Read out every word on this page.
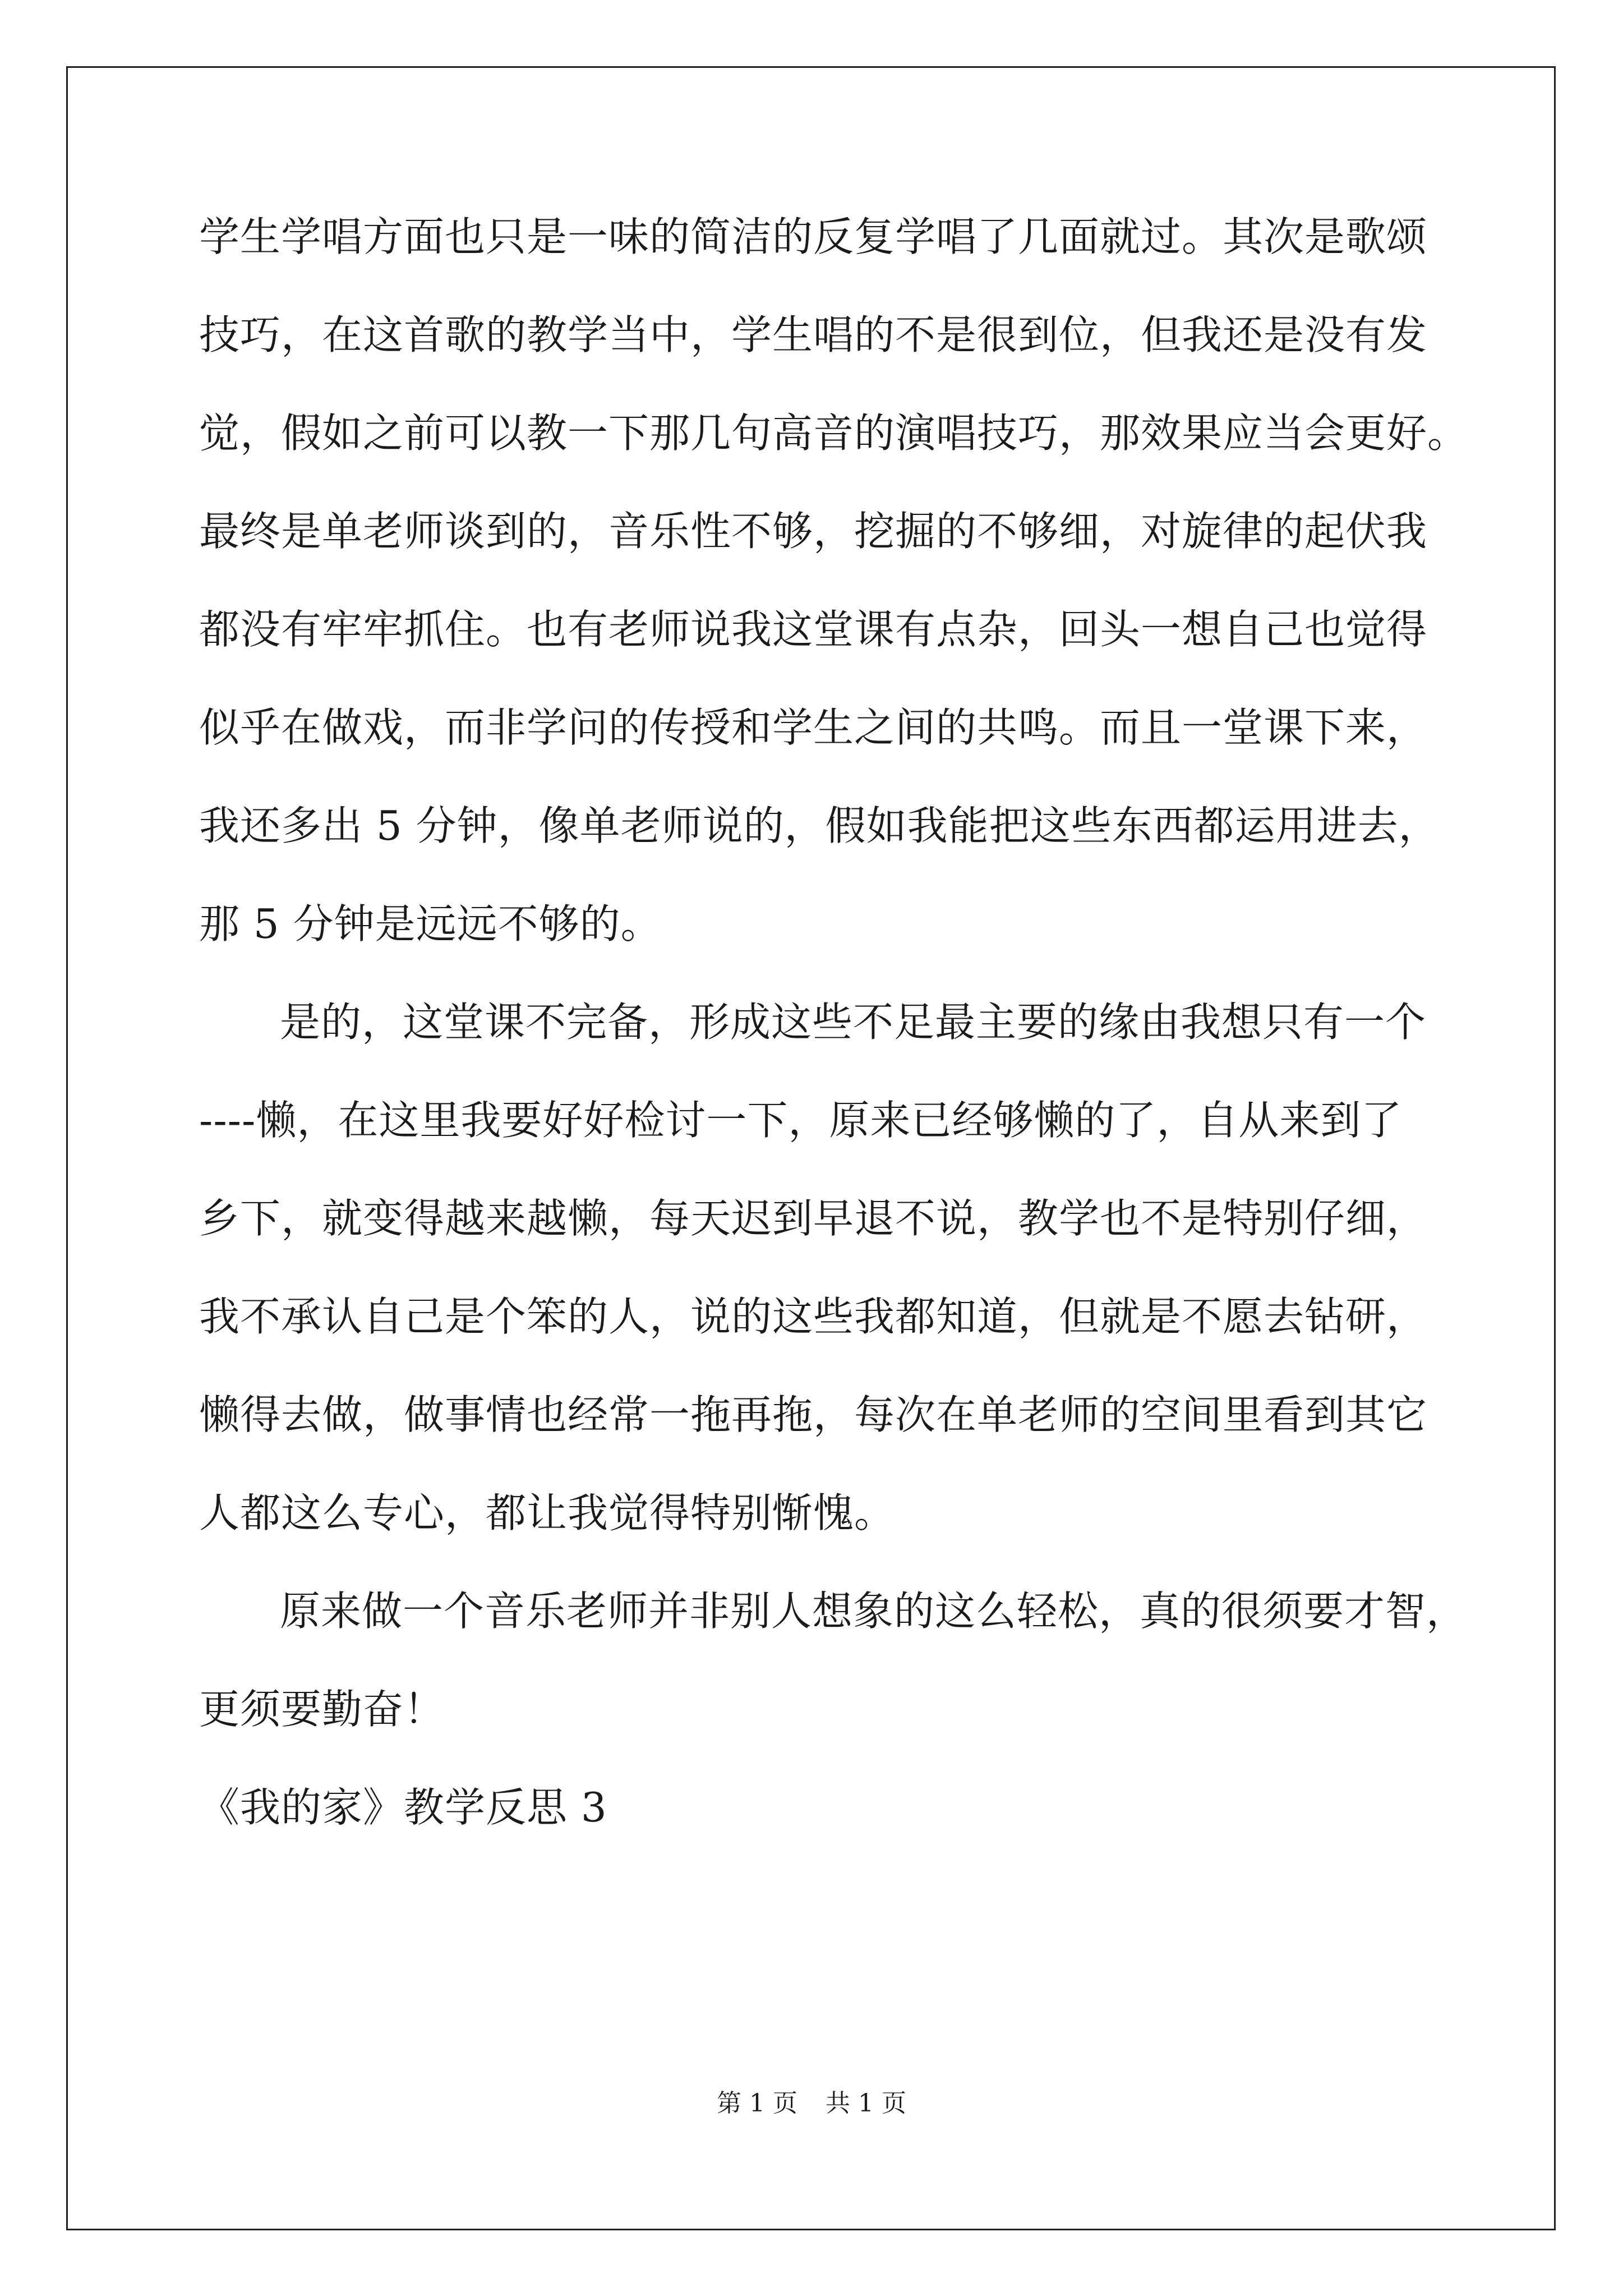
学生学唱方面也只是一味的简洁的反复学唱了几面就过。其次是歌颂
技巧，在这首歌的教学当中，学生唱的不是很到位，但我还是没有发
觉，假如之前可以教一下那几句高音的演唱技巧，那效果应当会更好。
最终是单老师谈到的，音乐性不够，挖掘的不够细，对旋律的起伏我
都没有牢牢抓住。也有老师说我这堂课有点杂，回头一想自己也觉得
似乎在做戏，而非学问的传授和学生之间的共鸣。而且一堂课下来，
我还多出 5 分钟，像单老师说的，假如我能把这些东西都运用进去，
那 5 分钟是远远不够的。
是的，这堂课不完备，形成这些不足最主要的缘由我想只有一个
----懒，在这里我要好好检讨一下，原来已经够懒的了，自从来到了
乡下，就变得越来越懒，每天迟到早退不说，教学也不是特别仔细，
我不承认自己是个笨的人，说的这些我都知道，但就是不愿去钻研，
懒得去做，做事情也经常一拖再拖，每次在单老师的空间里看到其它
人都这么专心，都让我觉得特别惭愧。
原来做一个音乐老师并非别人想象的这么轻松，真的很须要才智，
更须要勤奋！
《我的家》教学反思 3
第 1 页 共 1 页
